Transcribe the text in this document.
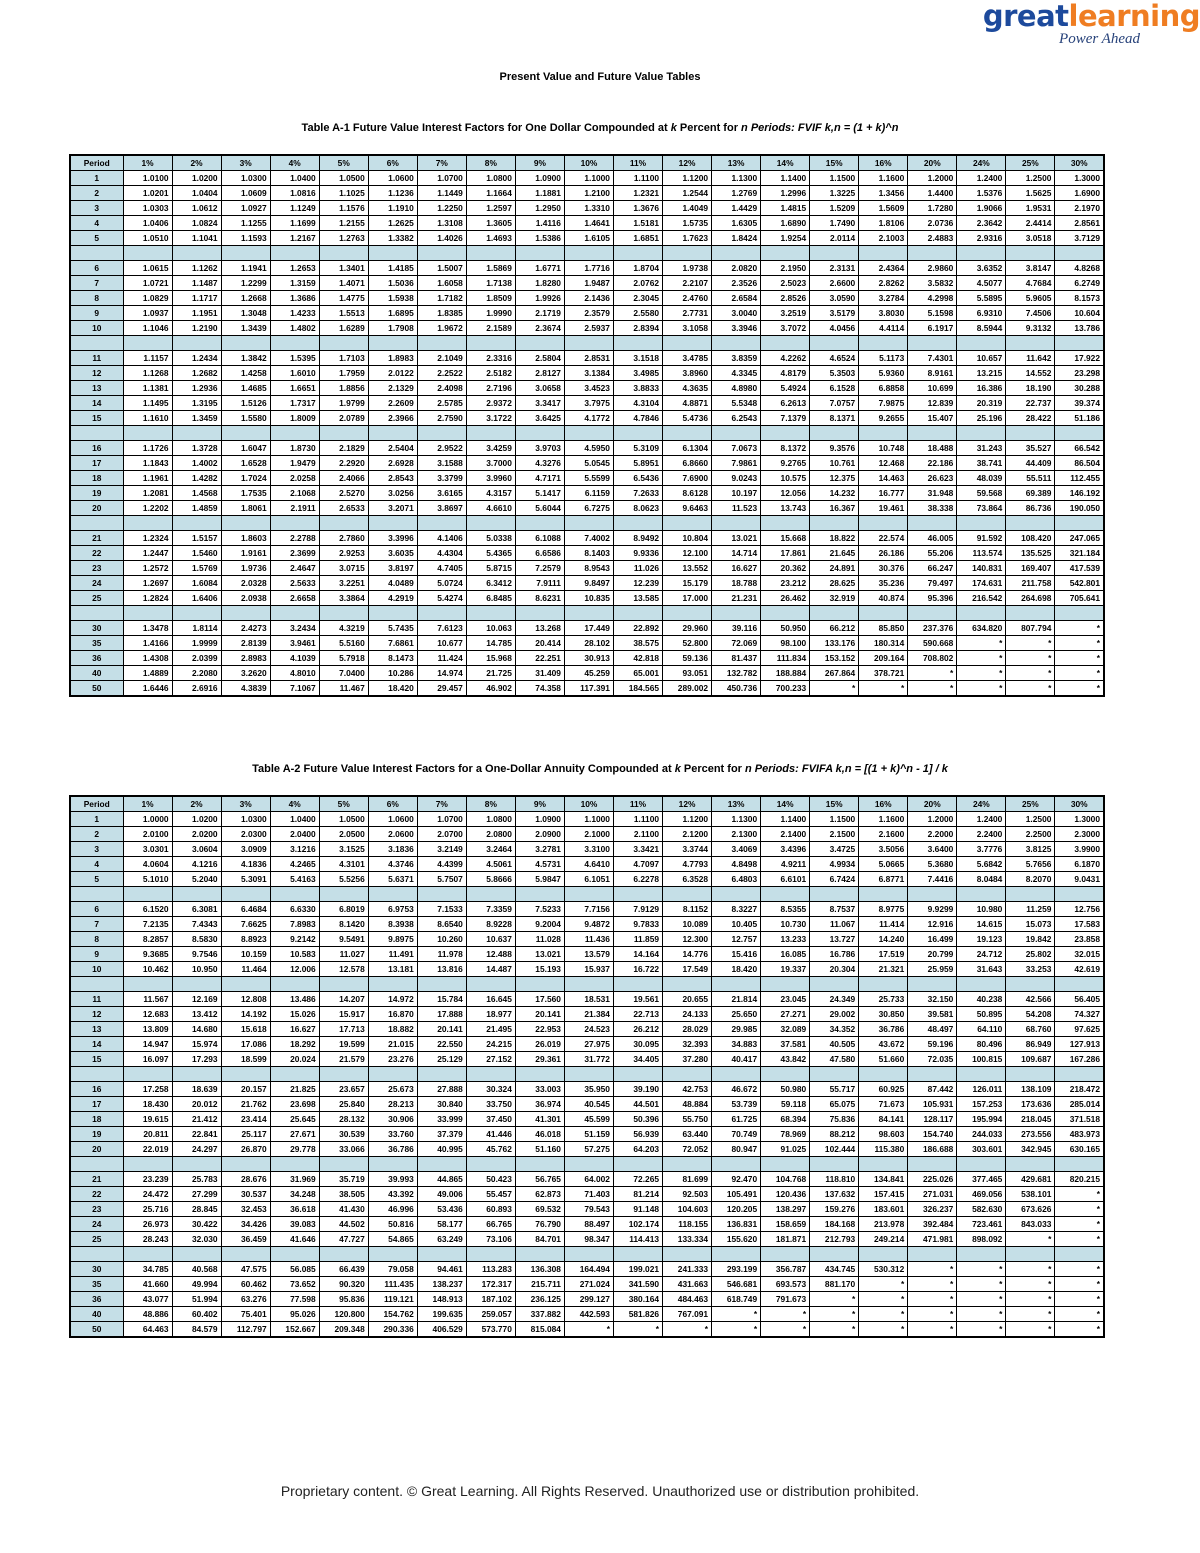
greatlearning
Power Ahead
Present Value and Future Value Tables
Table A-1 Future Value Interest Factors for One Dollar Compounded at k Percent for n Periods: FVIF k,n = (1 + k)^n
Period	1%	2%	3%	4%	5%	6%	7%	8%	9%	10%	11%	12%	13%	14%	15%	16%	20%	24%	25%	30%
1	1.0100	1.0200	1.0300	1.0400	1.0500	1.0600	1.0700	1.0800	1.0900	1.1000	1.1100	1.1200	1.1300	1.1400	1.1500	1.1600	1.2000	1.2400	1.2500	1.3000
2	1.0201	1.0404	1.0609	1.0816	1.1025	1.1236	1.1449	1.1664	1.1881	1.2100	1.2321	1.2544	1.2769	1.2996	1.3225	1.3456	1.4400	1.5376	1.5625	1.6900
3	1.0303	1.0612	1.0927	1.1249	1.1576	1.1910	1.2250	1.2597	1.2950	1.3310	1.3676	1.4049	1.4429	1.4815	1.5209	1.5609	1.7280	1.9066	1.9531	2.1970
4	1.0406	1.0824	1.1255	1.1699	1.2155	1.2625	1.3108	1.3605	1.4116	1.4641	1.5181	1.5735	1.6305	1.6890	1.7490	1.8106	2.0736	2.3642	2.4414	2.8561
5	1.0510	1.1041	1.1593	1.2167	1.2763	1.3382	1.4026	1.4693	1.5386	1.6105	1.6851	1.7623	1.8424	1.9254	2.0114	2.1003	2.4883	2.9316	3.0518	3.7129

6	1.0615	1.1262	1.1941	1.2653	1.3401	1.4185	1.5007	1.5869	1.6771	1.7716	1.8704	1.9738	2.0820	2.1950	2.3131	2.4364	2.9860	3.6352	3.8147	4.8268
7	1.0721	1.1487	1.2299	1.3159	1.4071	1.5036	1.6058	1.7138	1.8280	1.9487	2.0762	2.2107	2.3526	2.5023	2.6600	2.8262	3.5832	4.5077	4.7684	6.2749
8	1.0829	1.1717	1.2668	1.3686	1.4775	1.5938	1.7182	1.8509	1.9926	2.1436	2.3045	2.4760	2.6584	2.8526	3.0590	3.2784	4.2998	5.5895	5.9605	8.1573
9	1.0937	1.1951	1.3048	1.4233	1.5513	1.6895	1.8385	1.9990	2.1719	2.3579	2.5580	2.7731	3.0040	3.2519	3.5179	3.8030	5.1598	6.9310	7.4506	10.604
10	1.1046	1.2190	1.3439	1.4802	1.6289	1.7908	1.9672	2.1589	2.3674	2.5937	2.8394	3.1058	3.3946	3.7072	4.0456	4.4114	6.1917	8.5944	9.3132	13.786

11	1.1157	1.2434	1.3842	1.5395	1.7103	1.8983	2.1049	2.3316	2.5804	2.8531	3.1518	3.4785	3.8359	4.2262	4.6524	5.1173	7.4301	10.657	11.642	17.922
12	1.1268	1.2682	1.4258	1.6010	1.7959	2.0122	2.2522	2.5182	2.8127	3.1384	3.4985	3.8960	4.3345	4.8179	5.3503	5.9360	8.9161	13.215	14.552	23.298
13	1.1381	1.2936	1.4685	1.6651	1.8856	2.1329	2.4098	2.7196	3.0658	3.4523	3.8833	4.3635	4.8980	5.4924	6.1528	6.8858	10.699	16.386	18.190	30.288
14	1.1495	1.3195	1.5126	1.7317	1.9799	2.2609	2.5785	2.9372	3.3417	3.7975	4.3104	4.8871	5.5348	6.2613	7.0757	7.9875	12.839	20.319	22.737	39.374
15	1.1610	1.3459	1.5580	1.8009	2.0789	2.3966	2.7590	3.1722	3.6425	4.1772	4.7846	5.4736	6.2543	7.1379	8.1371	9.2655	15.407	25.196	28.422	51.186

16	1.1726	1.3728	1.6047	1.8730	2.1829	2.5404	2.9522	3.4259	3.9703	4.5950	5.3109	6.1304	7.0673	8.1372	9.3576	10.748	18.488	31.243	35.527	66.542
17	1.1843	1.4002	1.6528	1.9479	2.2920	2.6928	3.1588	3.7000	4.3276	5.0545	5.8951	6.8660	7.9861	9.2765	10.761	12.468	22.186	38.741	44.409	86.504
18	1.1961	1.4282	1.7024	2.0258	2.4066	2.8543	3.3799	3.9960	4.7171	5.5599	6.5436	7.6900	9.0243	10.575	12.375	14.463	26.623	48.039	55.511	112.455
19	1.2081	1.4568	1.7535	2.1068	2.5270	3.0256	3.6165	4.3157	5.1417	6.1159	7.2633	8.6128	10.197	12.056	14.232	16.777	31.948	59.568	69.389	146.192
20	1.2202	1.4859	1.8061	2.1911	2.6533	3.2071	3.8697	4.6610	5.6044	6.7275	8.0623	9.6463	11.523	13.743	16.367	19.461	38.338	73.864	86.736	190.050

21	1.2324	1.5157	1.8603	2.2788	2.7860	3.3996	4.1406	5.0338	6.1088	7.4002	8.9492	10.804	13.021	15.668	18.822	22.574	46.005	91.592	108.420	247.065
22	1.2447	1.5460	1.9161	2.3699	2.9253	3.6035	4.4304	5.4365	6.6586	8.1403	9.9336	12.100	14.714	17.861	21.645	26.186	55.206	113.574	135.525	321.184
23	1.2572	1.5769	1.9736	2.4647	3.0715	3.8197	4.7405	5.8715	7.2579	8.9543	11.026	13.552	16.627	20.362	24.891	30.376	66.247	140.831	169.407	417.539
24	1.2697	1.6084	2.0328	2.5633	3.2251	4.0489	5.0724	6.3412	7.9111	9.8497	12.239	15.179	18.788	23.212	28.625	35.236	79.497	174.631	211.758	542.801
25	1.2824	1.6406	2.0938	2.6658	3.3864	4.2919	5.4274	6.8485	8.6231	10.835	13.585	17.000	21.231	26.462	32.919	40.874	95.396	216.542	264.698	705.641

30	1.3478	1.8114	2.4273	3.2434	4.3219	5.7435	7.6123	10.063	13.268	17.449	22.892	29.960	39.116	50.950	66.212	85.850	237.376	634.820	807.794	*
35	1.4166	1.9999	2.8139	3.9461	5.5160	7.6861	10.677	14.785	20.414	28.102	38.575	52.800	72.069	98.100	133.176	180.314	590.668	*	*	*
36	1.4308	2.0399	2.8983	4.1039	5.7918	8.1473	11.424	15.968	22.251	30.913	42.818	59.136	81.437	111.834	153.152	209.164	708.802	*	*	*
40	1.4889	2.2080	3.2620	4.8010	7.0400	10.286	14.974	21.725	31.409	45.259	65.001	93.051	132.782	188.884	267.864	378.721	*	*	*	*
50	1.6446	2.6916	4.3839	7.1067	11.467	18.420	29.457	46.902	74.358	117.391	184.565	289.002	450.736	700.233	*	*	*	*	*	*
Table A-2 Future Value Interest Factors for a One-Dollar Annuity Compounded at k Percent for n Periods: FVIFA k,n = [(1 + k)^n - 1] / k
Period	1%	2%	3%	4%	5%	6%	7%	8%	9%	10%	11%	12%	13%	14%	15%	16%	20%	24%	25%	30%
1	1.0000	1.0200	1.0300	1.0400	1.0500	1.0600	1.0700	1.0800	1.0900	1.1000	1.1100	1.1200	1.1300	1.1400	1.1500	1.1600	1.2000	1.2400	1.2500	1.3000
2	2.0100	2.0200	2.0300	2.0400	2.0500	2.0600	2.0700	2.0800	2.0900	2.1000	2.1100	2.1200	2.1300	2.1400	2.1500	2.1600	2.2000	2.2400	2.2500	2.3000
3	3.0301	3.0604	3.0909	3.1216	3.1525	3.1836	3.2149	3.2464	3.2781	3.3100	3.3421	3.3744	3.4069	3.4396	3.4725	3.5056	3.6400	3.7776	3.8125	3.9900
4	4.0604	4.1216	4.1836	4.2465	4.3101	4.3746	4.4399	4.5061	4.5731	4.6410	4.7097	4.7793	4.8498	4.9211	4.9934	5.0665	5.3680	5.6842	5.7656	6.1870
5	5.1010	5.2040	5.3091	5.4163	5.5256	5.6371	5.7507	5.8666	5.9847	6.1051	6.2278	6.3528	6.4803	6.6101	6.7424	6.8771	7.4416	8.0484	8.2070	9.0431

6	6.1520	6.3081	6.4684	6.6330	6.8019	6.9753	7.1533	7.3359	7.5233	7.7156	7.9129	8.1152	8.3227	8.5355	8.7537	8.9775	9.9299	10.980	11.259	12.756
7	7.2135	7.4343	7.6625	7.8983	8.1420	8.3938	8.6540	8.9228	9.2004	9.4872	9.7833	10.089	10.405	10.730	11.067	11.414	12.916	14.615	15.073	17.583
8	8.2857	8.5830	8.8923	9.2142	9.5491	9.8975	10.260	10.637	11.028	11.436	11.859	12.300	12.757	13.233	13.727	14.240	16.499	19.123	19.842	23.858
9	9.3685	9.7546	10.159	10.583	11.027	11.491	11.978	12.488	13.021	13.579	14.164	14.776	15.416	16.085	16.786	17.519	20.799	24.712	25.802	32.015
10	10.462	10.950	11.464	12.006	12.578	13.181	13.816	14.487	15.193	15.937	16.722	17.549	18.420	19.337	20.304	21.321	25.959	31.643	33.253	42.619

11	11.567	12.169	12.808	13.486	14.207	14.972	15.784	16.645	17.560	18.531	19.561	20.655	21.814	23.045	24.349	25.733	32.150	40.238	42.566	56.405
12	12.683	13.412	14.192	15.026	15.917	16.870	17.888	18.977	20.141	21.384	22.713	24.133	25.650	27.271	29.002	30.850	39.581	50.895	54.208	74.327
13	13.809	14.680	15.618	16.627	17.713	18.882	20.141	21.495	22.953	24.523	26.212	28.029	29.985	32.089	34.352	36.786	48.497	64.110	68.760	97.625
14	14.947	15.974	17.086	18.292	19.599	21.015	22.550	24.215	26.019	27.975	30.095	32.393	34.883	37.581	40.505	43.672	59.196	80.496	86.949	127.913
15	16.097	17.293	18.599	20.024	21.579	23.276	25.129	27.152	29.361	31.772	34.405	37.280	40.417	43.842	47.580	51.660	72.035	100.815	109.687	167.286

16	17.258	18.639	20.157	21.825	23.657	25.673	27.888	30.324	33.003	35.950	39.190	42.753	46.672	50.980	55.717	60.925	87.442	126.011	138.109	218.472
17	18.430	20.012	21.762	23.698	25.840	28.213	30.840	33.750	36.974	40.545	44.501	48.884	53.739	59.118	65.075	71.673	105.931	157.253	173.636	285.014
18	19.615	21.412	23.414	25.645	28.132	30.906	33.999	37.450	41.301	45.599	50.396	55.750	61.725	68.394	75.836	84.141	128.117	195.994	218.045	371.518
19	20.811	22.841	25.117	27.671	30.539	33.760	37.379	41.446	46.018	51.159	56.939	63.440	70.749	78.969	88.212	98.603	154.740	244.033	273.556	483.973
20	22.019	24.297	26.870	29.778	33.066	36.786	40.995	45.762	51.160	57.275	64.203	72.052	80.947	91.025	102.444	115.380	186.688	303.601	342.945	630.165

21	23.239	25.783	28.676	31.969	35.719	39.993	44.865	50.423	56.765	64.002	72.265	81.699	92.470	104.768	118.810	134.841	225.026	377.465	429.681	820.215
22	24.472	27.299	30.537	34.248	38.505	43.392	49.006	55.457	62.873	71.403	81.214	92.503	105.491	120.436	137.632	157.415	271.031	469.056	538.101	*
23	25.716	28.845	32.453	36.618	41.430	46.996	53.436	60.893	69.532	79.543	91.148	104.603	120.205	138.297	159.276	183.601	326.237	582.630	673.626	*
24	26.973	30.422	34.426	39.083	44.502	50.816	58.177	66.765	76.790	88.497	102.174	118.155	136.831	158.659	184.168	213.978	392.484	723.461	843.033	*
25	28.243	32.030	36.459	41.646	47.727	54.865	63.249	73.106	84.701	98.347	114.413	133.334	155.620	181.871	212.793	249.214	471.981	898.092	*	*

30	34.785	40.568	47.575	56.085	66.439	79.058	94.461	113.283	136.308	164.494	199.021	241.333	293.199	356.787	434.745	530.312	*	*	*	*
35	41.660	49.994	60.462	73.652	90.320	111.435	138.237	172.317	215.711	271.024	341.590	431.663	546.681	693.573	881.170	*	*	*	*	*
36	43.077	51.994	63.276	77.598	95.836	119.121	148.913	187.102	236.125	299.127	380.164	484.463	618.749	791.673	*	*	*	*	*	*
40	48.886	60.402	75.401	95.026	120.800	154.762	199.635	259.057	337.882	442.593	581.826	767.091	*	*	*	*	*	*	*	*
50	64.463	84.579	112.797	152.667	209.348	290.336	406.529	573.770	815.084	*	*	*	*	*	*	*	*	*	*	*
Proprietary content. © Great Learning. All Rights Reserved. Unauthorized use or distribution prohibited.
